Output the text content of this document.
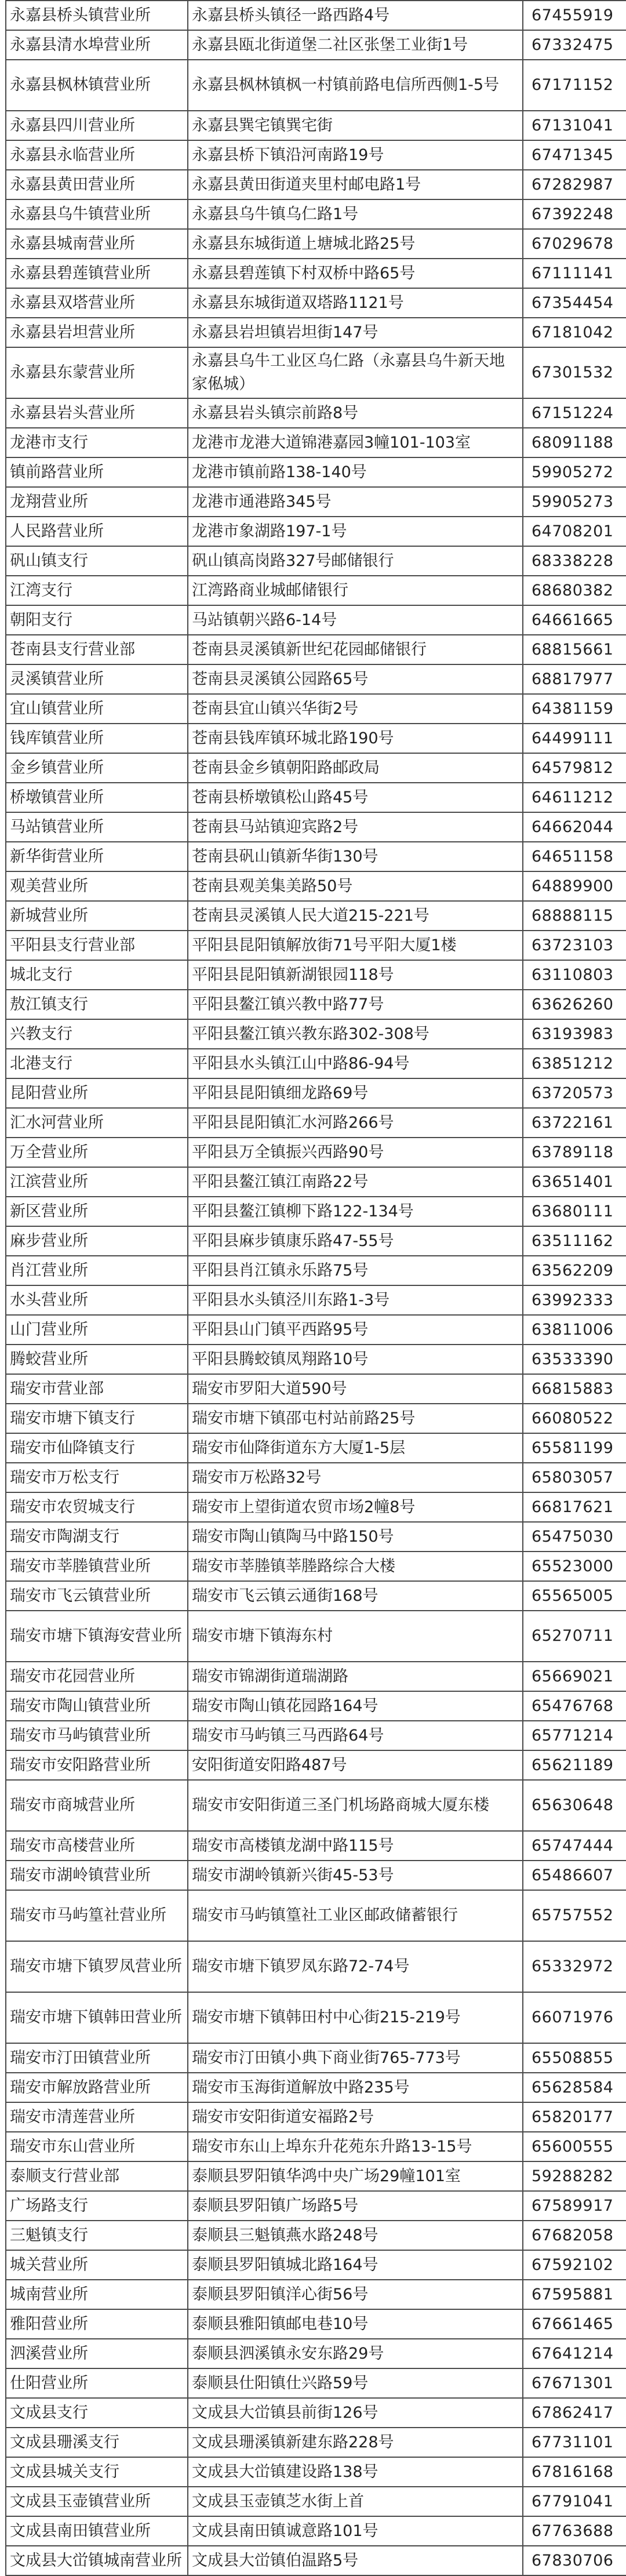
永嘉县桥头镇营业所	永嘉县桥头镇径一路西路4号	67455919
永嘉县清水埠营业所	永嘉县瓯北街道堡二社区张堡工业街1号	67332475
永嘉县枫林镇营业所	永嘉县枫林镇枫一村镇前路电信所西侧1-5号	67171152
永嘉县四川营业所	永嘉县巽宅镇巽宅街	67131041
永嘉县永临营业所	永嘉县桥下镇沿河南路19号	67471345
永嘉县黄田营业所	永嘉县黄田街道夹里村邮电路1号	67282987
永嘉县乌牛镇营业所	永嘉县乌牛镇乌仁路1号	67392248
永嘉县城南营业所	永嘉县东城街道上塘城北路25号	67029678
永嘉县碧莲镇营业所	永嘉县碧莲镇下村双桥中路65号	67111141
永嘉县双塔营业所	永嘉县东城街道双塔路1121号	67354454
永嘉县岩坦营业所	永嘉县岩坦镇岩坦街147号	67181042
永嘉县东蒙营业所	永嘉县乌牛工业区乌仁路（永嘉县乌牛新天地家俬城）	67301532
永嘉县岩头营业所	永嘉县岩头镇宗前路8号	67151224
龙港市支行	龙港市龙港大道锦港嘉园3幢101-103室	68091188
镇前路营业所	龙港市镇前路138-140号	59905272
龙翔营业所	龙港市通港路345号	59905273
人民路营业所	龙港市象湖路197-1号	64708201
矾山镇支行	矾山镇高岗路327号邮储银行	68338228
江湾支行	江湾路商业城邮储银行	68680382
朝阳支行	马站镇朝兴路6-14号	64661665
苍南县支行营业部	苍南县灵溪镇新世纪花园邮储银行	68815661
灵溪镇营业所	苍南县灵溪镇公园路65号	68817977
宜山镇营业所	苍南县宜山镇兴华街2号	64381159
钱库镇营业所	苍南县钱库镇环城北路190号	64499111
金乡镇营业所	苍南县金乡镇朝阳路邮政局	64579812
桥墩镇营业所	苍南县桥墩镇松山路45号	64611212
马站镇营业所	苍南县马站镇迎宾路2号	64662044
新华街营业所	苍南县矾山镇新华街130号	64651158
观美营业所	苍南县观美集美路50号	64889900
新城营业所	苍南县灵溪镇人民大道215-221号	68888115
平阳县支行营业部	平阳县昆阳镇解放街71号平阳大厦1楼	63723103
城北支行	平阳县昆阳镇新湖银园118号	63110803
敖江镇支行	平阳县鳌江镇兴教中路77号	63626260
兴教支行	平阳县鳌江镇兴教东路302-308号	63193983
北港支行	平阳县水头镇江山中路86-94号	63851212
昆阳营业所	平阳县昆阳镇细龙路69号	63720573
汇水河营业所	平阳县昆阳镇汇水河路266号	63722161
万全营业所	平阳县万全镇振兴西路90号	63789118
江滨营业所	平阳县鳌江镇江南路22号	63651401
新区营业所	平阳县鳌江镇柳下路122-134号	63680111
麻步营业所	平阳县麻步镇康乐路47-55号	63511162
肖江营业所	平阳县肖江镇永乐路75号	63562209
水头营业所	平阳县水头镇泾川东路1-3号	63992333
山门营业所	平阳县山门镇平西路95号	63811006
腾蛟营业所	平阳县腾蛟镇凤翔路10号	63533390
瑞安市营业部	瑞安市罗阳大道590号	66815883
瑞安市塘下镇支行	瑞安市塘下镇邵屯村站前路25号	66080522
瑞安市仙降镇支行	瑞安市仙降街道东方大厦1-5层	65581199
瑞安市万松支行	瑞安市万松路32号	65803057
瑞安市农贸城支行	瑞安市上望街道农贸市场2幢8号	66817621
瑞安市陶湖支行	瑞安市陶山镇陶马中路150号	65475030
瑞安市莘塍镇营业所	瑞安市莘塍镇莘塍路综合大楼	65523000
瑞安市飞云镇营业所	瑞安市飞云镇云通街168号	65565005
瑞安市塘下镇海安营业所	瑞安市塘下镇海东村	65270711
瑞安市花园营业所	瑞安市锦湖街道瑞湖路	65669021
瑞安市陶山镇营业所	瑞安市陶山镇花园路164号	65476768
瑞安市马屿镇营业所	瑞安市马屿镇三马西路64号	65771214
瑞安市安阳路营业所	安阳街道安阳路487号	65621189
瑞安市商城营业所	瑞安市安阳街道三圣门机场路商城大厦东楼	65630648
瑞安市高楼营业所	瑞安市高楼镇龙湖中路115号	65747444
瑞安市湖岭镇营业所	瑞安市湖岭镇新兴街45-53号	65486607
瑞安市马屿篁社营业所	瑞安市马屿镇篁社工业区邮政储蓄银行	65757552
瑞安市塘下镇罗凤营业所	瑞安市塘下镇罗凤东路72-74号	65332972
瑞安市塘下镇韩田营业所	瑞安市塘下镇韩田村中心街215-219号	66071976
瑞安市汀田镇营业所	瑞安市汀田镇小典下商业街765-773号	65508855
瑞安市解放路营业所	瑞安市玉海街道解放中路235号	65628584
瑞安市清莲营业所	瑞安市安阳街道安福路2号	65820177
瑞安市东山营业所	瑞安市东山上埠东升花苑东升路13-15号	65600555
泰顺支行营业部	泰顺县罗阳镇华鸿中央广场29幢101室	59288282
广场路支行	泰顺县罗阳镇广场路5号	67589917
三魁镇支行	泰顺县三魁镇燕水路248号	67682058
城关营业所	泰顺县罗阳镇城北路164号	67592102
城南营业所	泰顺县罗阳镇洋心街56号	67595881
雅阳营业所	泰顺县雅阳镇邮电巷10号	67661465
泗溪营业所	泰顺县泗溪镇永安东路29号	67641214
仕阳营业所	泰顺县仕阳镇仕兴路59号	67671301
文成县支行	文成县大峃镇县前街126号	67862417
文成县珊溪支行	文成县珊溪镇新建东路228号	67731101
文成县城关支行	文成县大峃镇建设路138号	67816168
文成县玉壶镇营业所	文成县玉壶镇芝水街上首	67791041
文成县南田镇营业所	文成县南田镇诚意路101号	67763688
文成县大峃镇城南营业所	文成县大峃镇伯温路5号	67830706
